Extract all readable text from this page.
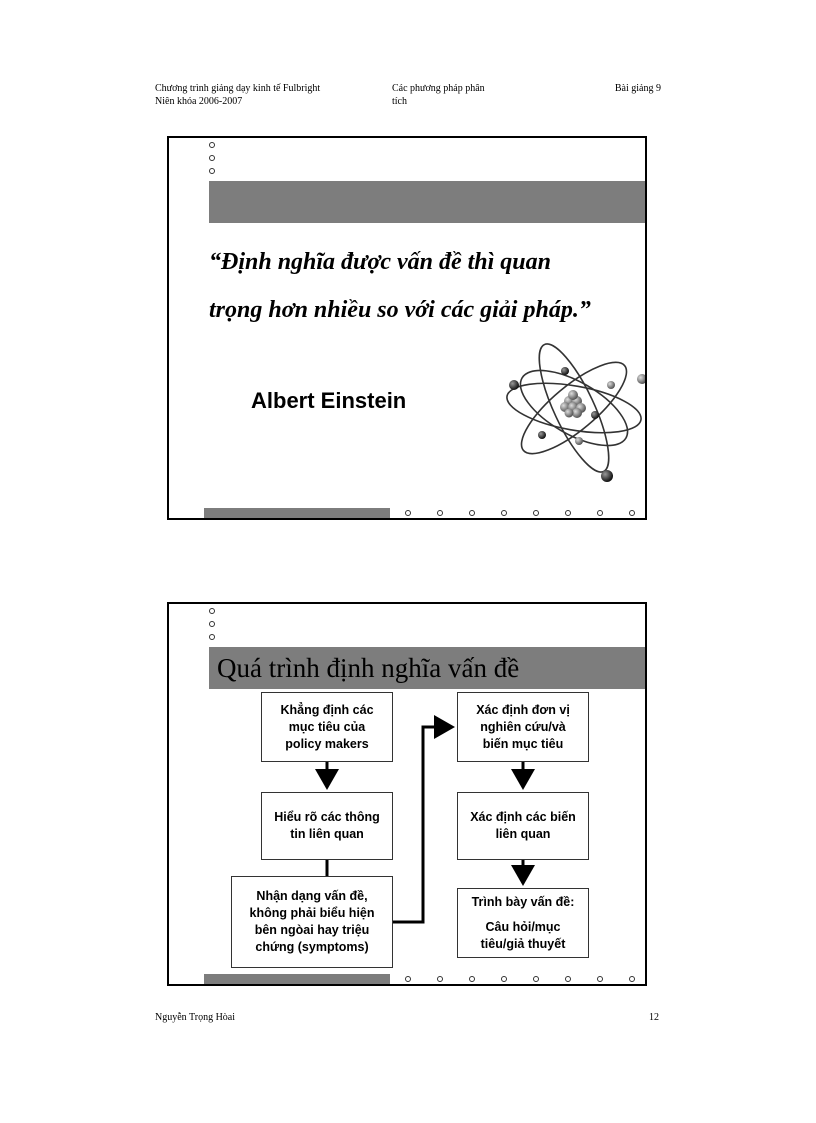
Chương trình giảng dạy kinh tế Fulbright
Niên khóa 2006-2007
Các phương pháp phân
tích
Bài giảng 9
“Định nghĩa được vấn đề thì quan
trọng hơn nhiều so với các giải pháp.”
Albert Einstein
Quá trình định nghĩa vấn đề
Khẳng định các
mục tiêu của
policy makers
Hiểu rõ các thông
tin liên quan
Nhận dạng vấn đề,
không phải biểu hiện
bên ngòai hay triệu
chứng (symptoms)
Xác định đơn vị
nghiên cứu/và
biến mục tiêu
Xác định các biến
liên quan
Trình bày vấn đề:
Câu hỏi/mục
tiêu/giả thuyết
Nguyễn Trọng Hòai	12
